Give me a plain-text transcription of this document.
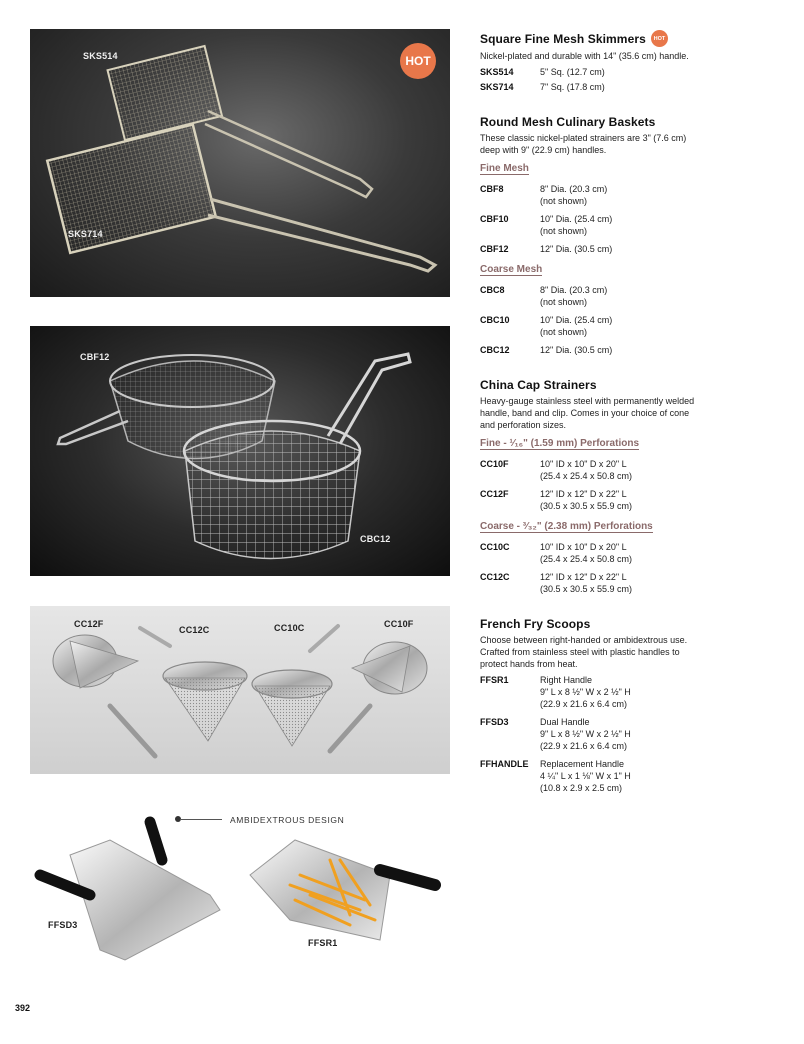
SKS514
SKS714
HOT
CBF12
CBC12
CC12F
CC12C	CC10C	CC10F
AMBIDEXTROUS DESIGN
FFSD3
FFSR1
Square Fine Mesh Skimmers	HOT
Nickel-plated and durable with 14" (35.6 cm) handle.
SKS514	5" Sq. (12.7 cm)
SKS714	7" Sq. (17.8 cm)
Round Mesh Culinary Baskets
These classic nickel-plated strainers are 3" (7.6 cm) deep with 9" (22.9 cm) handles.
Fine Mesh
CBF8	8" Dia. (20.3 cm)
(not shown)
CBF10	10" Dia. (25.4 cm)
(not shown)
CBF12	12" Dia. (30.5 cm)
Coarse Mesh
CBC8	8" Dia. (20.3 cm)
(not shown)
CBC10	10" Dia. (25.4 cm)
(not shown)
CBC12	12" Dia. (30.5 cm)
China Cap Strainers
Heavy-gauge stainless steel with permanently welded handle, band and clip. Comes in your choice of cone and perforation sizes.
Fine - ¹⁄₁₆" (1.59 mm) Perforations
CC10F	10" ID x 10" D x 20" L
(25.4 x 25.4 x 50.8 cm)
CC12F	12" ID x 12" D x 22" L
(30.5 x 30.5 x 55.9 cm)
Coarse - ³⁄₃₂" (2.38 mm) Perforations
CC10C	10" ID x 10" D x 20" L
(25.4 x 25.4 x 50.8 cm)
CC12C	12" ID x 12" D x 22" L
(30.5 x 30.5 x 55.9 cm)
French Fry Scoops
Choose between right-handed or ambidextrous use. Crafted from stainless steel with plastic handles to protect hands from heat.
FFSR1	Right Handle
9" L x 8 ½" W x 2 ½" H
(22.9 x 21.6 x 6.4 cm)
FFSD3	Dual Handle
9" L x 8 ½" W x 2 ½" H
(22.9 x 21.6 x 6.4 cm)
FFHANDLE	Replacement Handle
4 ¼" L x 1 ⅛" W x 1" H
(10.8 x 2.9 x 2.5 cm)
392
